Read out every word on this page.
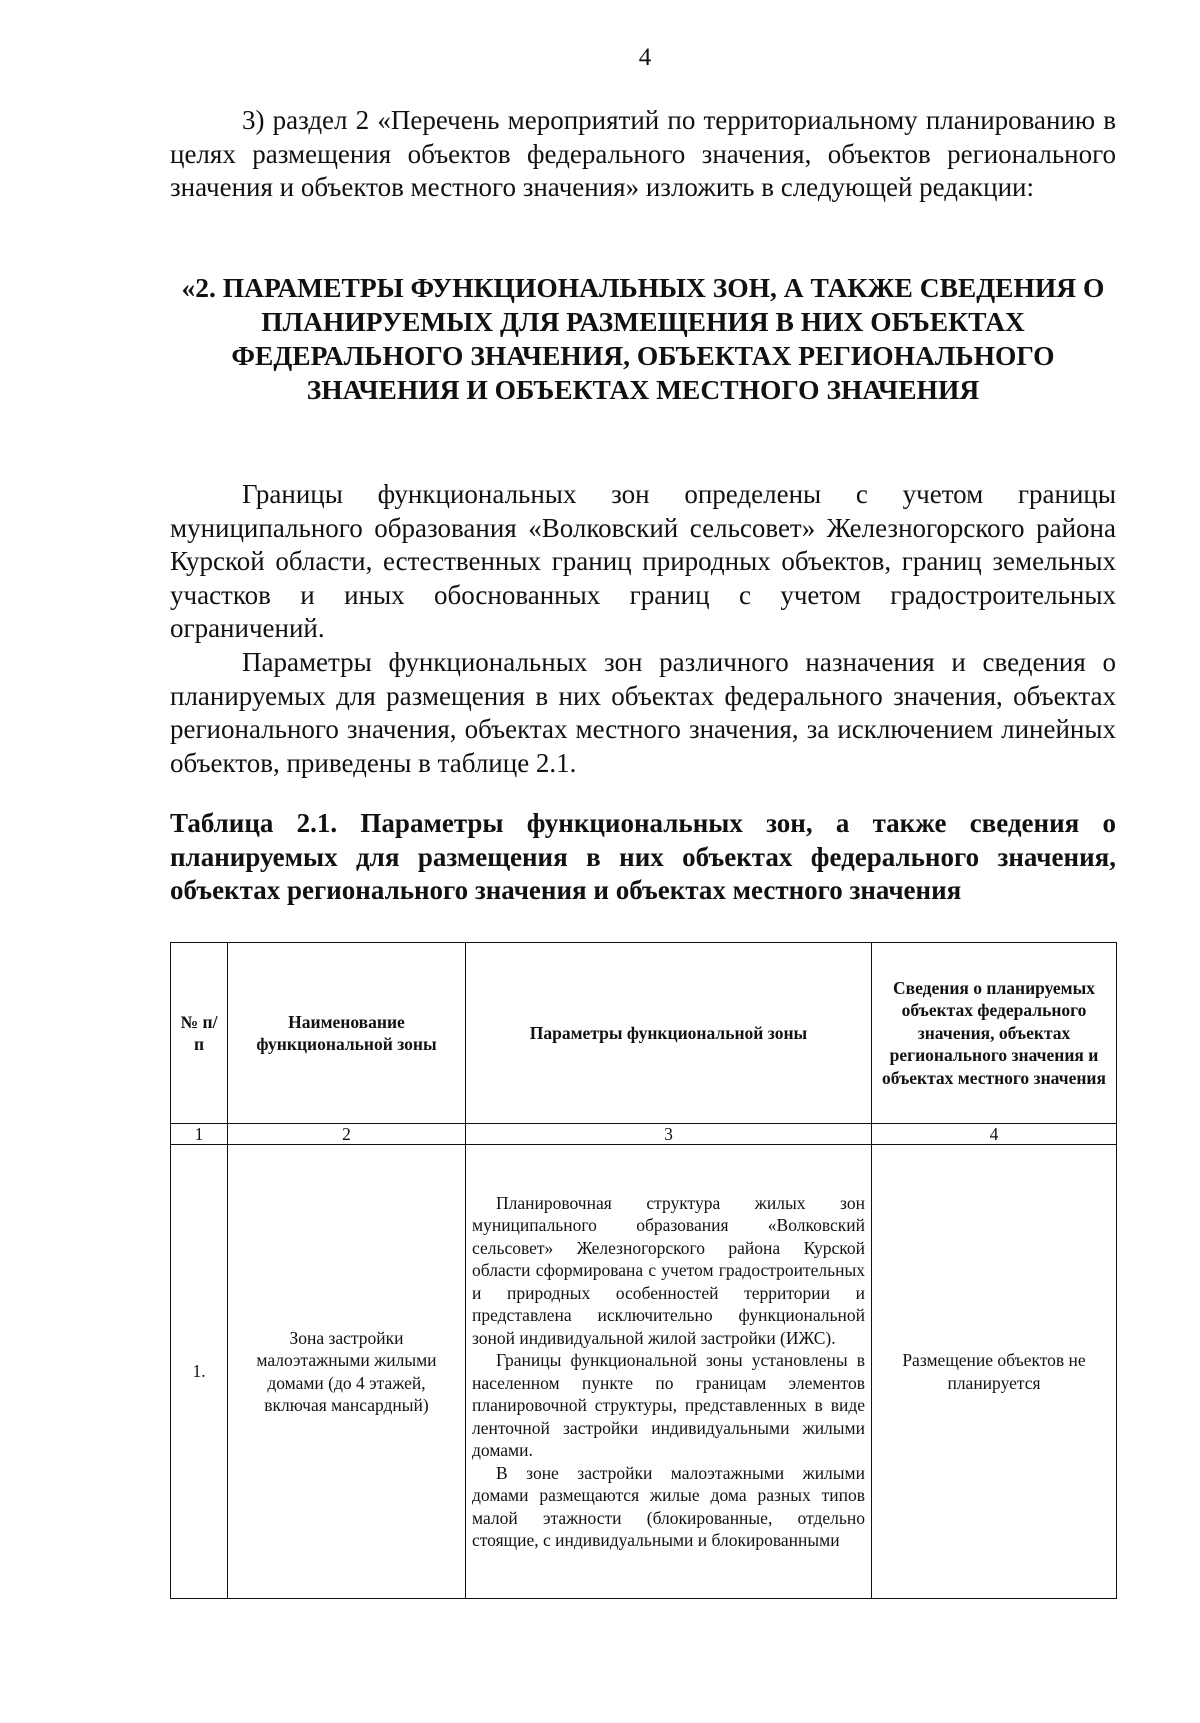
4

3) раздел 2 «Перечень мероприятий по территориальному планированию в целях размещения объектов федерального значения, объектов регионального значения и объектов местного значения» изложить в следующей редакции:

«2. ПАРАМЕТРЫ ФУНКЦИОНАЛЬНЫХ ЗОН, А ТАКЖЕ СВЕДЕНИЯ О ПЛАНИРУЕМЫХ ДЛЯ РАЗМЕЩЕНИЯ В НИХ ОБЪЕКТАХ ФЕДЕРАЛЬНОГО ЗНАЧЕНИЯ, ОБЪЕКТАХ РЕГИОНАЛЬНОГО ЗНАЧЕНИЯ И ОБЪЕКТАХ МЕСТНОГО ЗНАЧЕНИЯ

Границы функциональных зон определены с учетом границы муниципального образования «Волковский сельсовет» Железногорского района Курской области, естественных границ природных объектов, границ земельных участков и иных обоснованных границ с учетом градостроительных ограничений.

Параметры функциональных зон различного назначения и сведения о планируемых для размещения в них объектах федерального значения, объектах регионального значения, объектах местного значения, за исключением линейных объектов, приведены в таблице 2.1.

Таблица 2.1. Параметры функциональных зон, а также сведения о планируемых для размещения в них объектах федерального значения, объектах регионального значения и объектах местного значения

№ п/п	Наименование функциональной зоны	Параметры функциональной зоны	Сведения о планируемых объектах федерального значения, объектах регионального значения и объектах местного значения
1	2	3	4
1.	Зона застройки малоэтажными жилыми домами (до 4 этажей, включая мансардный)	Планировочная структура жилых зон муниципального образования «Волковский сельсовет» Железногорского района Курской области сформирована с учетом градостроительных и природных особенностей территории и представлена исключительно функциональной зоной индивидуальной жилой застройки (ИЖС).

Границы функциональной зоны установлены в населенном пункте по границам элементов планировочной структуры, представленных в виде ленточной застройки индивидуальными жилыми домами.

В зоне застройки малоэтажными жилыми домами размещаются жилые дома разных типов малой этажности (блокированные, отдельно стоящие, с индивидуальными и блокированными	Размещение объектов не планируется
